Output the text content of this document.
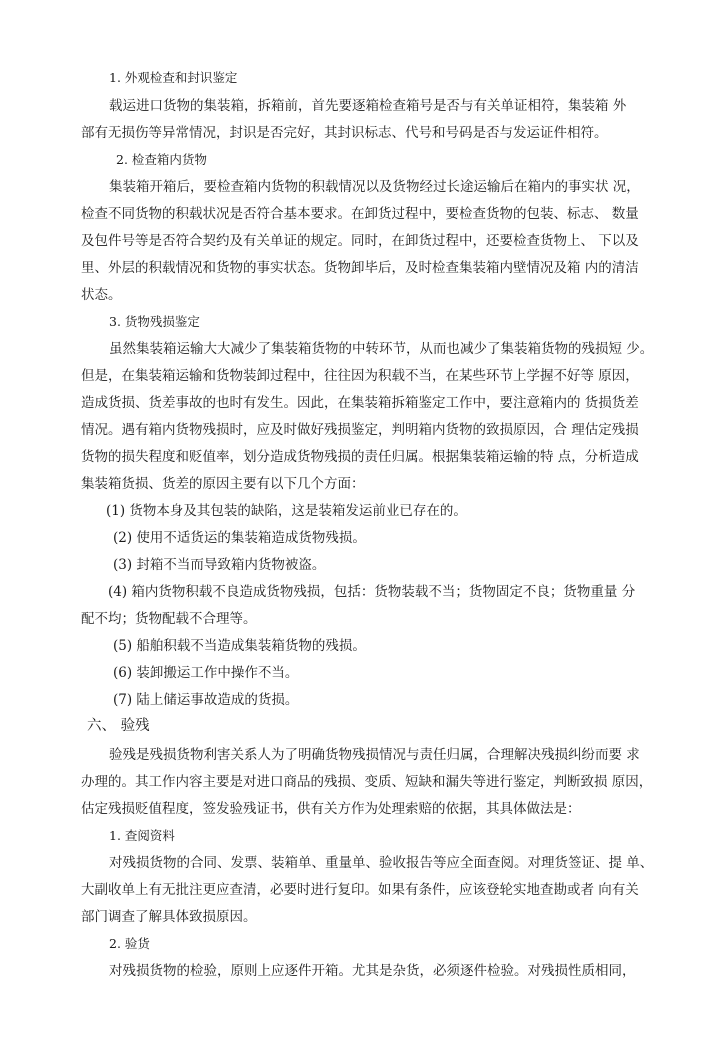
1. 外观检查和封识鉴定
载运进口货物的集装箱，拆箱前，首先要逐箱检查箱号是否与有关单证相符，集装箱 外
部有无损伤等异常情况，封识是否完好，其封识标志、代号和号码是否与发运证件相符。
2. 检查箱内货物
集装箱开箱后，要检查箱内货物的积载情况以及货物经过长途运输后在箱内的事实状 况，
检查不同货物的积载状况是否符合基本要求。在卸货过程中，要检查货物的包装、标志、 数量
及包件号等是否符合契约及有关单证的规定。同时，在卸货过程中，还要检查货物上、 下以及
里、外层的积载情况和货物的事实状态。货物卸毕后，及时检查集装箱内壁情况及箱 内的清洁
状态。
3. 货物残损鉴定
虽然集装箱运输大大减少了集装箱货物的中转环节，从而也减少了集装箱货物的残损短 少。
但是，在集装箱运输和货物装卸过程中，往往因为积载不当，在某些环节上学握不好等 原因，
造成货损、货差事故的也时有发生。因此，在集装箱拆箱鉴定工作中，要注意箱内的 货损货差
情况。遇有箱内货物残损时，应及时做好残损鉴定，判明箱内货物的致损原因，合 理估定残损
货物的损失程度和贬值率，划分造成货物残损的责任归属。根据集装箱运输的特 点，分析造成
集装箱货损、货差的原因主要有以下几个方面：
(1) 货物本身及其包装的缺陷，这是装箱发运前业已存在的。
(2) 使用不适货运的集装箱造成货物残损。
(3) 封箱不当而导致箱内货物被盗。
(4) 箱内货物积载不良造成货物残损，包括：货物装载不当；货物固定不良；货物重量 分
配不均；货物配载不合理等。
(5) 船舶积载不当造成集装箱货物的残损。
(6) 装卸搬运工作中操作不当。
(7) 陆上储运事故造成的货损。
六、 验残
验残是残损货物利害关系人为了明确货物残损情况与责任归属，合理解决残损纠纷而要 求
办理的。其工作内容主要是对进口商品的残损、变质、短缺和漏失等进行鉴定，判断致损 原因，
估定残损贬值程度，签发验残证书，供有关方作为处理索赔的依据，其具体做法是：
1. 查阅资料
对残损货物的合同、发票、装箱单、重量单、验收报告等应全面查阅。对理货签证、提 单、
大副收单上有无批注更应查清，必要时进行复印。如果有条件，应该登轮实地查勘或者 向有关
部门调查了解具体致损原因。
2. 验货
对残损货物的检验，原则上应逐件开箱。尤其是杂货，必须逐件检验。对残损性质相同，
